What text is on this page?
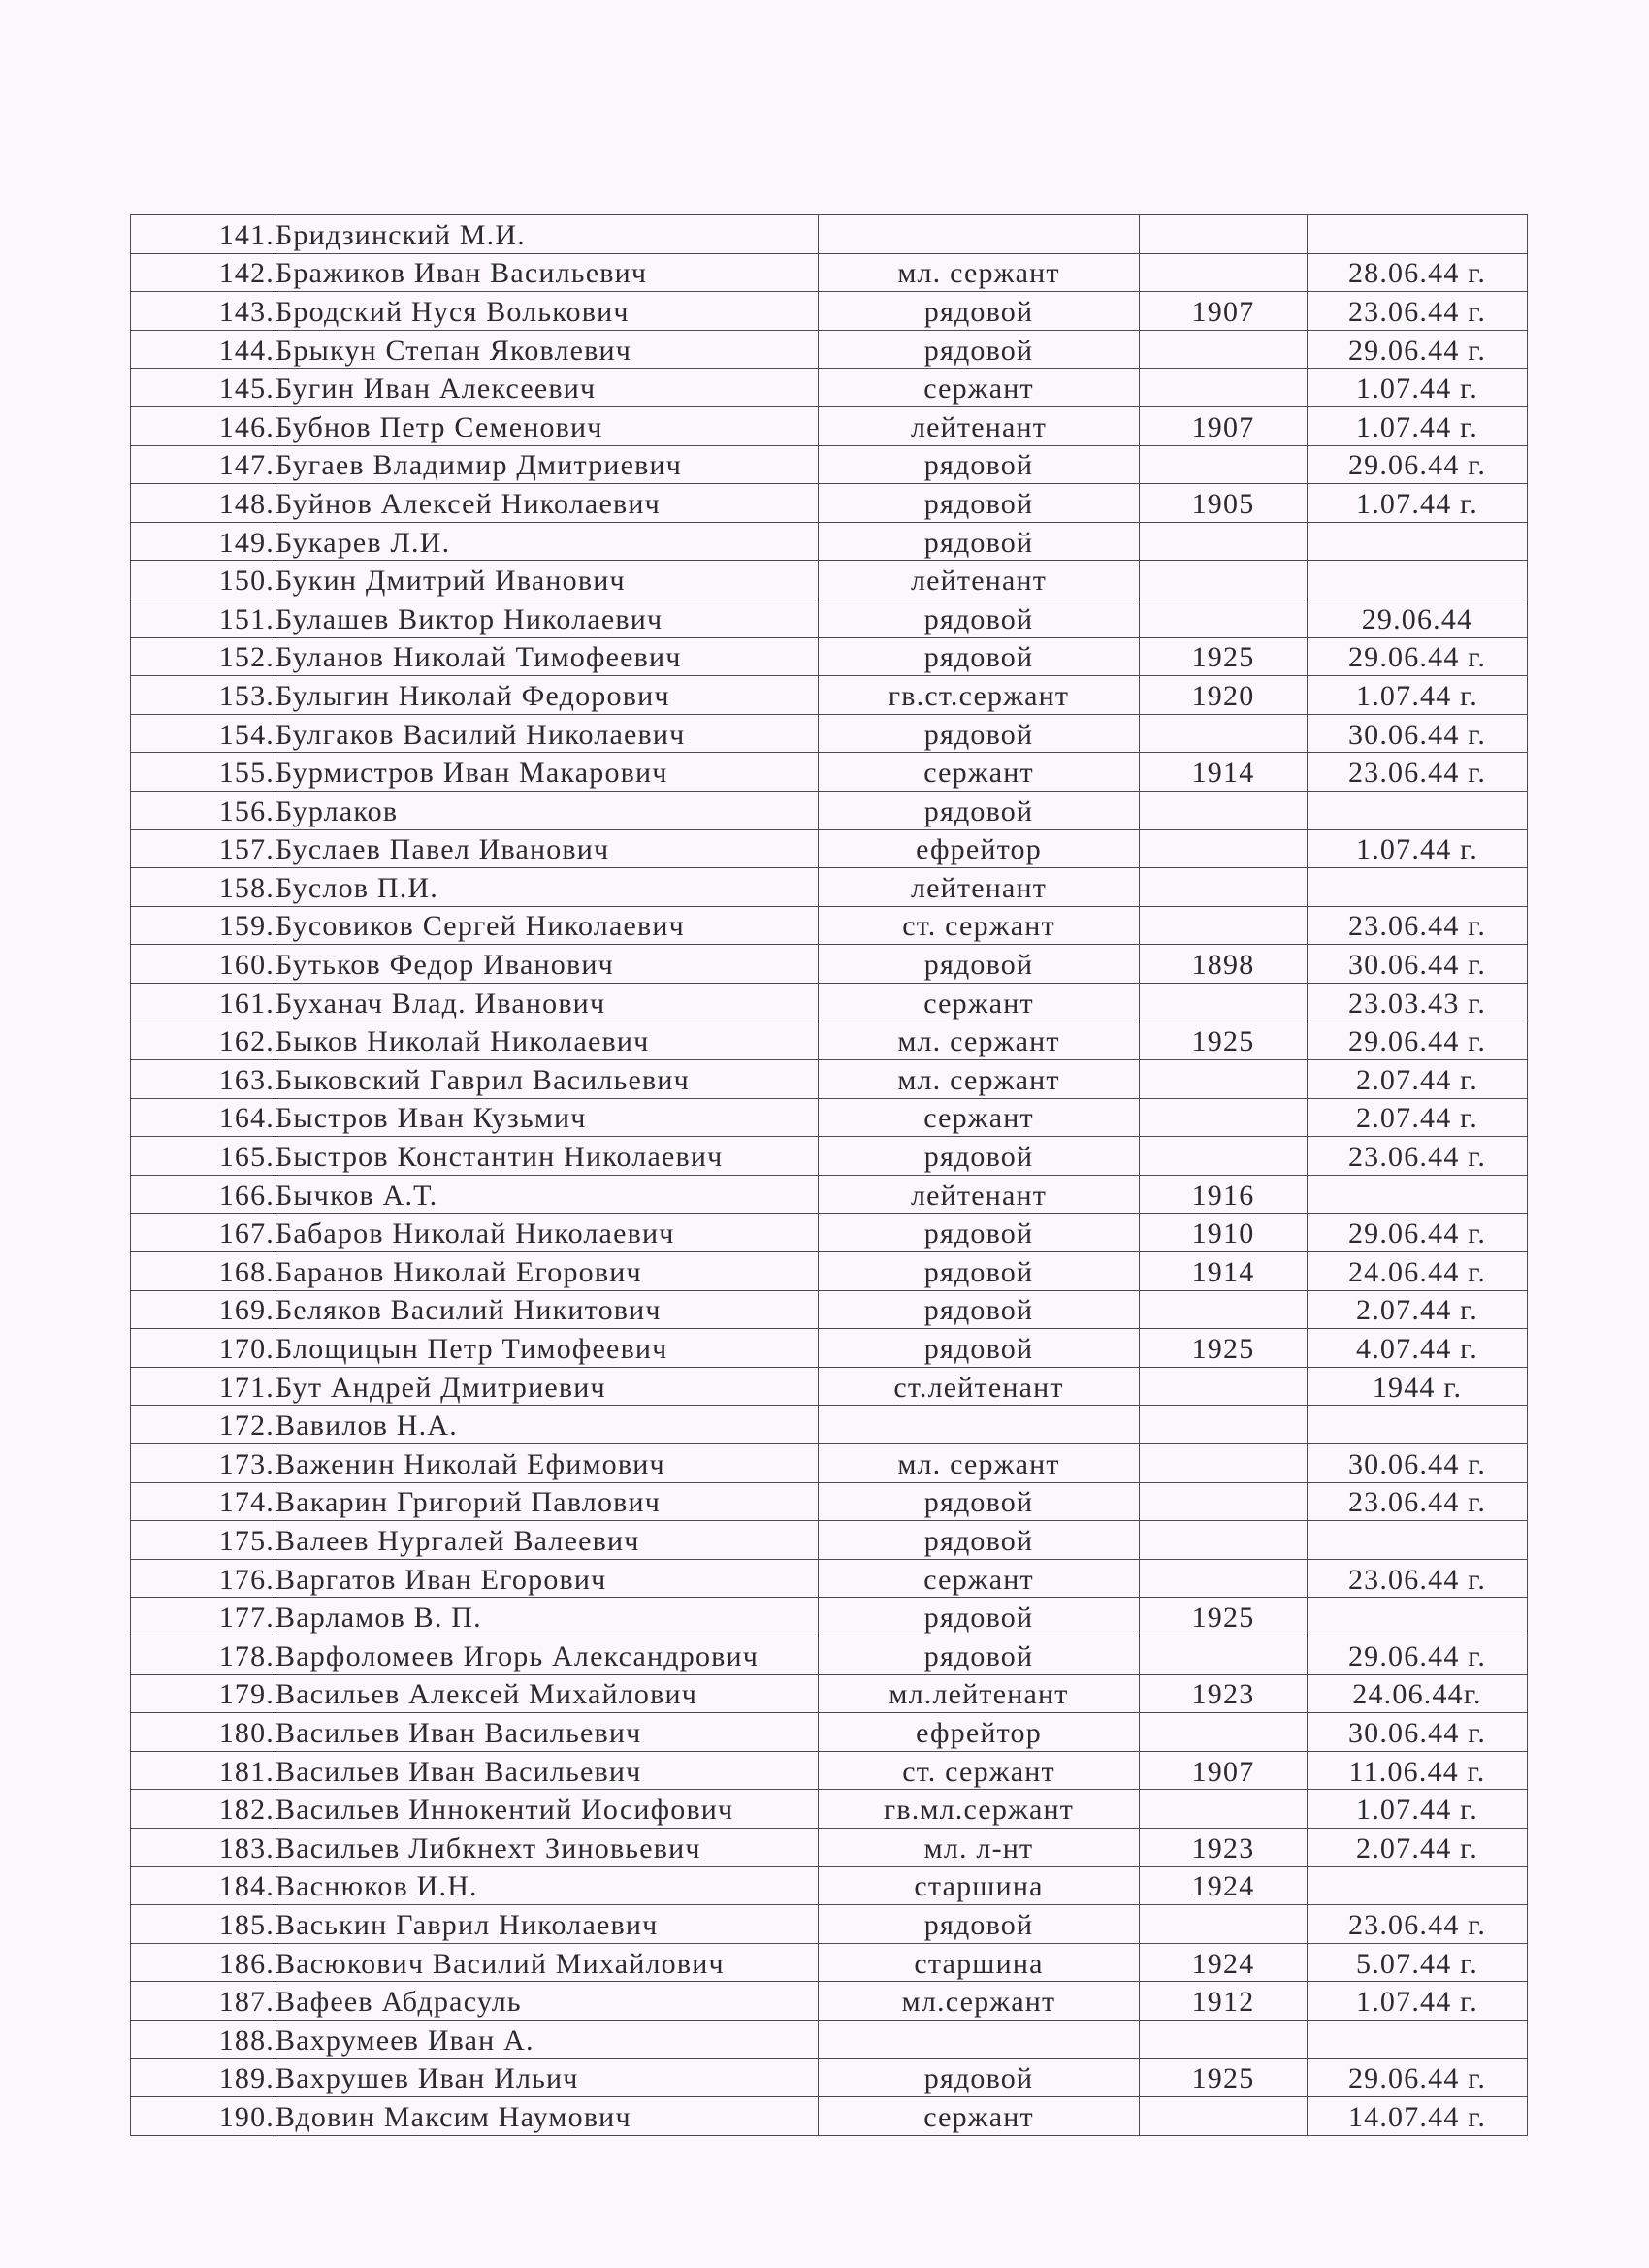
141.	Бридзинский М.И.			
142.	Бражиков Иван Васильевич	мл. сержант		28.06.44 г.
143.	Бродский Нуся Волькович	рядовой	1907	23.06.44 г.
144.	Брыкун Степан Яковлевич	рядовой		29.06.44 г.
145.	Бугин Иван Алексеевич	сержант		1.07.44 г.
146.	Бубнов Петр Семенович	лейтенант	1907	1.07.44 г.
147.	Бугаев Владимир Дмитриевич	рядовой		29.06.44 г.
148.	Буйнов Алексей Николаевич	рядовой	1905	1.07.44 г.
149.	Букарев Л.И.	рядовой		
150.	Букин Дмитрий Иванович	лейтенант		
151.	Булашев Виктор Николаевич	рядовой		29.06.44
152.	Буланов Николай Тимофеевич	рядовой	1925	29.06.44 г.
153.	Булыгин Николай Федорович	гв.ст.сержант	1920	1.07.44 г.
154.	Булгаков Василий Николаевич	рядовой		30.06.44 г.
155.	Бурмистров Иван Макарович	сержант	1914	23.06.44 г.
156.	Бурлаков	рядовой		
157.	Буслаев Павел Иванович	ефрейтор		1.07.44 г.
158.	Буслов П.И.	лейтенант		
159.	Бусовиков Сергей Николаевич	ст. сержант		23.06.44 г.
160.	Бутьков Федор Иванович	рядовой	1898	30.06.44 г.
161.	Буханач Влад. Иванович	сержант		23.03.43 г.
162.	Быков Николай Николаевич	мл. сержант	1925	29.06.44 г.
163.	Быковский Гаврил Васильевич	мл. сержант		2.07.44 г.
164.	Быстров Иван Кузьмич	сержант		2.07.44 г.
165.	Быстров Константин Николаевич	рядовой		23.06.44 г.
166.	Бычков А.Т.	лейтенант	1916	
167.	Бабаров Николай Николаевич	рядовой	1910	29.06.44 г.
168.	Баранов Николай Егорович	рядовой	1914	24.06.44 г.
169.	Беляков Василий Никитович	рядовой		2.07.44 г.
170.	Блощицын Петр Тимофеевич	рядовой	1925	4.07.44 г.
171.	Бут Андрей Дмитриевич	ст.лейтенант		1944 г.
172.	Вавилов Н.А.			
173.	Важенин Николай Ефимович	мл. сержант		30.06.44 г.
174.	Вакарин Григорий Павлович	рядовой		23.06.44 г.
175.	Валеев Нургалей Валеевич	рядовой		
176.	Варгатов Иван Егорович	сержант		23.06.44 г.
177.	Варламов В. П.	рядовой	1925	
178.	Варфоломеев Игорь Александрович	рядовой		29.06.44 г.
179.	Васильев Алексей Михайлович	мл.лейтенант	1923	24.06.44г.
180.	Васильев Иван Васильевич	ефрейтор		30.06.44 г.
181.	Васильев Иван Васильевич	ст. сержант	1907	11.06.44 г.
182.	Васильев Иннокентий Иосифович	гв.мл.сержант		1.07.44 г.
183.	Васильев Либкнехт Зиновьевич	мл. л-нт	1923	2.07.44 г.
184.	Васнюков И.Н.	старшина	1924	
185.	Васькин Гаврил Николаевич	рядовой		23.06.44 г.
186.	Васюкович Василий Михайлович	старшина	1924	5.07.44 г.
187.	Вафеев Абдрасуль	мл.сержант	1912	1.07.44 г.
188.	Вахрумеев Иван А.			
189.	Вахрушев Иван Ильич	рядовой	1925	29.06.44 г.
190.	Вдовин Максим Наумович	сержант		14.07.44 г.
